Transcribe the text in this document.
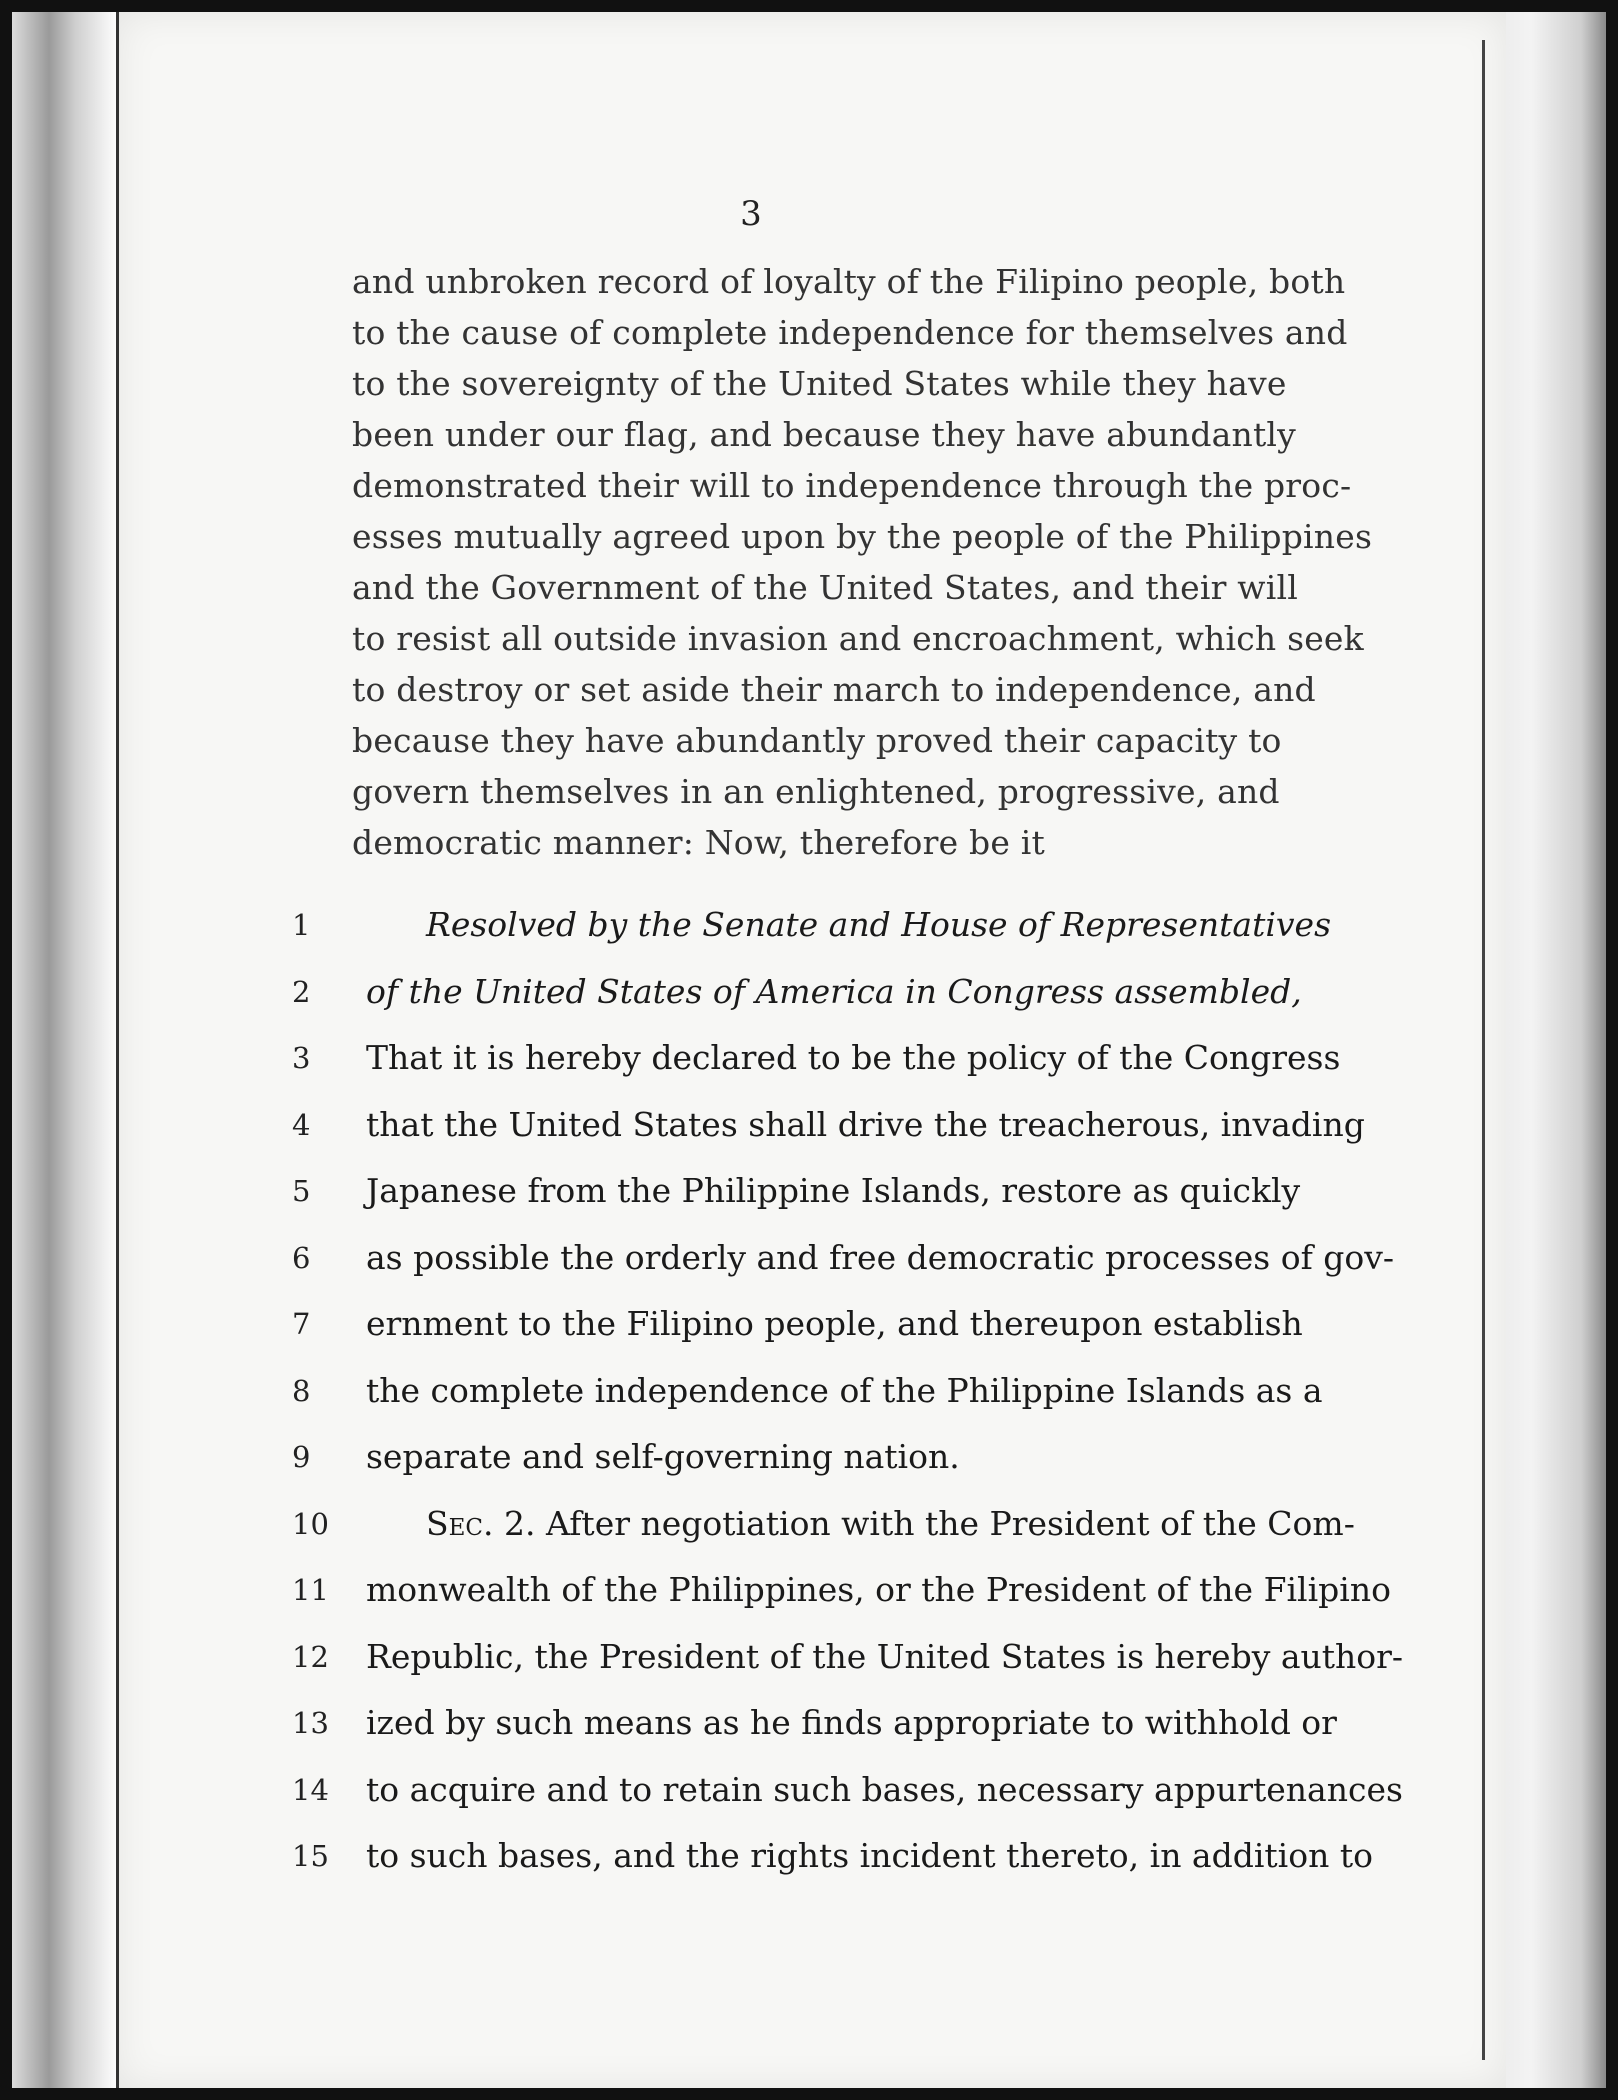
3
and unbroken record of loyalty of the Filipino people, both
to the cause of complete independence for themselves and
to the sovereignty of the United States while they have
been under our flag, and because they have abundantly
demonstrated their will to independence through the proc-
esses mutually agreed upon by the people of the Philippines
and the Government of the United States, and their will
to resist all outside invasion and encroachment, which seek
to destroy or set aside their march to independence, and
because they have abundantly proved their capacity to
govern themselves in an enlightened, progressive, and
democratic manner: Now, therefore be it
1	Resolved by the Senate and House of Representatives
2	of the United States of America in Congress assembled,
3	That it is hereby declared to be the policy of the Congress
4	that the United States shall drive the treacherous, invading
5	Japanese from the Philippine Islands, restore as quickly
6	as possible the orderly and free democratic processes of gov-
7	ernment to the Filipino people, and thereupon establish
8	the complete independence of the Philippine Islands as a
9	separate and self-governing nation.
10	Sec. 2. After negotiation with the President of the Com-
11	monwealth of the Philippines, or the President of the Filipino
12	Republic, the President of the United States is hereby author-
13	ized by such means as he finds appropriate to withhold or
14	to acquire and to retain such bases, necessary appurtenances
15	to such bases, and the rights incident thereto, in addition to
